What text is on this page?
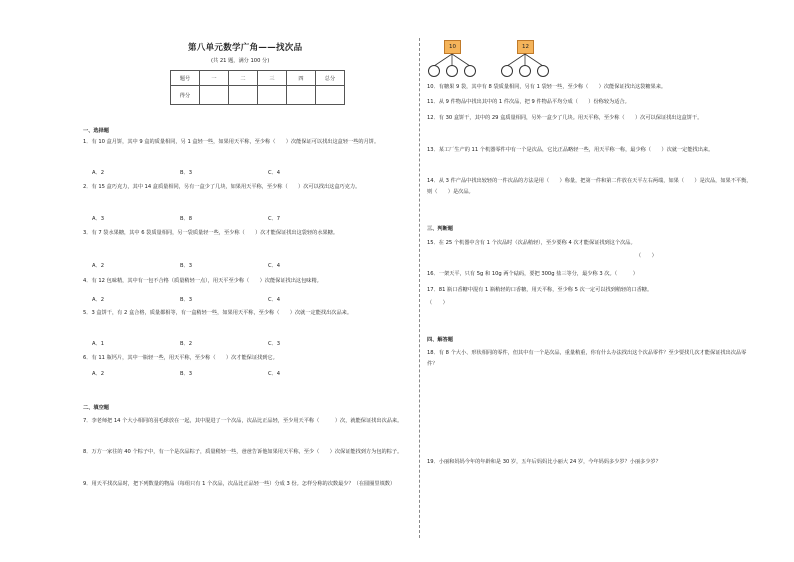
第八单元数学广角——找次品
(共 21 题，满分 100 分)
题号	一	二	三	四	总分
得分					
一、选择题
1．有 10 盒月饼，其中 9 盒的质量相同，另 1 盒轻一些，如果用天平称，至少称（　　）次能保证可以找出这盒轻一些的月饼。
A．2	B．3	C．4
2．有 15 盒巧克力，其中 14 盒质量相同，另有一盒少了几块，如果用天平称，至少称（　　）次可以找出这盒巧克力。
A．3	B．8	C．7
3．有 7 袋水果糖，其中 6 袋质量相同，另一袋质量轻一些，至少称（　　）次才能保证找出这袋轻的水果糖。
A．2	B．3	C．4
4．有 12 包味精，其中有一包不合格（质量稍轻一点），用天平至少称（　　）次能保证找出这包味精。
A．2	B．3	C．4
5．3 盒饼干，有 2 盒合格，质量都相等，有一盒稍轻一些，如果用天平称，至少称（　　）次就一定能找出次品来。
A．1	B．2	C．3
6．有 11 瓶钙片，其中一瓶轻一些，用天平称，至少称（　　）次才能保证找到它。
A．2	B．3	C．4
二、填空题
7．李老师把 14 个大小相同的羽毛球放在一起，其中混进了一个次品，次品比正品轻，至少用天平称（　　　）次，就能保证找出次品来。
8．万方一家往的 40 个粽子中，有一个是次品粽子，质量稍轻一些，爸爸告诉他如果用天平称，至少（　　）次保证能找到方为包的粽子。
9．用天平找次品时，把下列数量的物品（每组只有 1 个次品，次品比正品轻一些）分成 3 份。怎样分称的次数最少？（在圆圈里填数）
10	12
10．有糖果 9 袋，其中有 8 袋质量相同，另有 1 袋轻一些，至少称（　　）次能保证找出这袋糖果来。
11．从 9 件物品中找出其中的 1 件次品，把 9 件物品平均分成（　　）份称较为适合。
12．有 30 盒饼干，其中的 29 盒质量相同，另外一盒少了几块。用天平称，至少称（　　）次可以保证找出这盒饼干。
13．某工厂生产的 11 个机器零件中有一个是次品，它比正品略轻一些，用天平称一称，最少称（　　）次就一定能找出来。
14．从 3 件产品中找出较轻的一件次品的方法是用（　　）称量，把第一件和第二件放在天平左右两端，如果（　　）是次品，如果不平衡，则（　　）是次品。
三、判断题
15．在 25 个机器中含有 1 个次品时（次品稍轻），至少要称 4 次才能保证找到这个次品。
（　　）
16．一架天平，只有 5g 和 10g 两个砝码，要把 300g 盐三等分，最少称 3 次。（　　　）
17．81 瓶口香糖中混有 1 瓶稍轻的口香糖，用天平称，至少称 5 次一定可以找到稍轻的口香糖。
（　　）
四、解答题
18．有 8 个大小、形状相同的零件，但其中有一个是次品，重量稍重，你有什么办法找出这个次品零件？至少要找几次才能保证找出次品零件？
19．小丽和妈妈今年的年龄和是 30 岁，五年后妈妈比小丽大 24 岁，今年妈妈多少岁？小丽多少岁？
